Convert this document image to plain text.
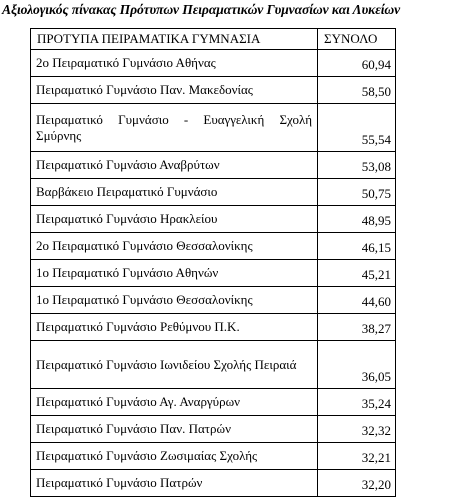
Αξιολογικός πίνακας Πρότυπων Πειραματικών Γυμνασίων και Λυκείων
ΠΡΟΤΥΠΑ ΠΕΙΡΑΜΑΤΙΚΑ ΓΥΜΝΑΣΙΑ	ΣΥΝΟΛΟ
2ο Πειραματικό Γυμνάσιο Αθήνας	60,94
Πειραματικό Γυμνάσιο Παν. Μακεδονίας	58,50
Πειραματικό Γυμνάσιο - Ευαγγελική Σχολή Σμύρνης	55,54
Πειραματικό Γυμνάσιο Αναβρύτων	53,08
Βαρβάκειο Πειραματικό Γυμνάσιο	50,75
Πειραματικό Γυμνάσιο Ηρακλείου	48,95
2ο Πειραματικό Γυμνάσιο Θεσσαλονίκης	46,15
1ο Πειραματικό Γυμνάσιο Αθηνών	45,21
1ο Πειραματικό Γυμνάσιο Θεσσαλονίκης	44,60
Πειραματικό Γυμνάσιο Ρεθύμνου Π.Κ.	38,27
Πειραματικό Γυμνάσιο Ιωνιδείου Σχολής Πειραιά	36,05
Πειραματικό Γυμνάσιο Αγ. Αναργύρων	35,24
Πειραματικό Γυμνάσιο Παν. Πατρών	32,32
Πειραματικό Γυμνάσιο Ζωσιμαίας Σχολής	32,21
Πειραματικό Γυμνάσιο Πατρών	32,20
